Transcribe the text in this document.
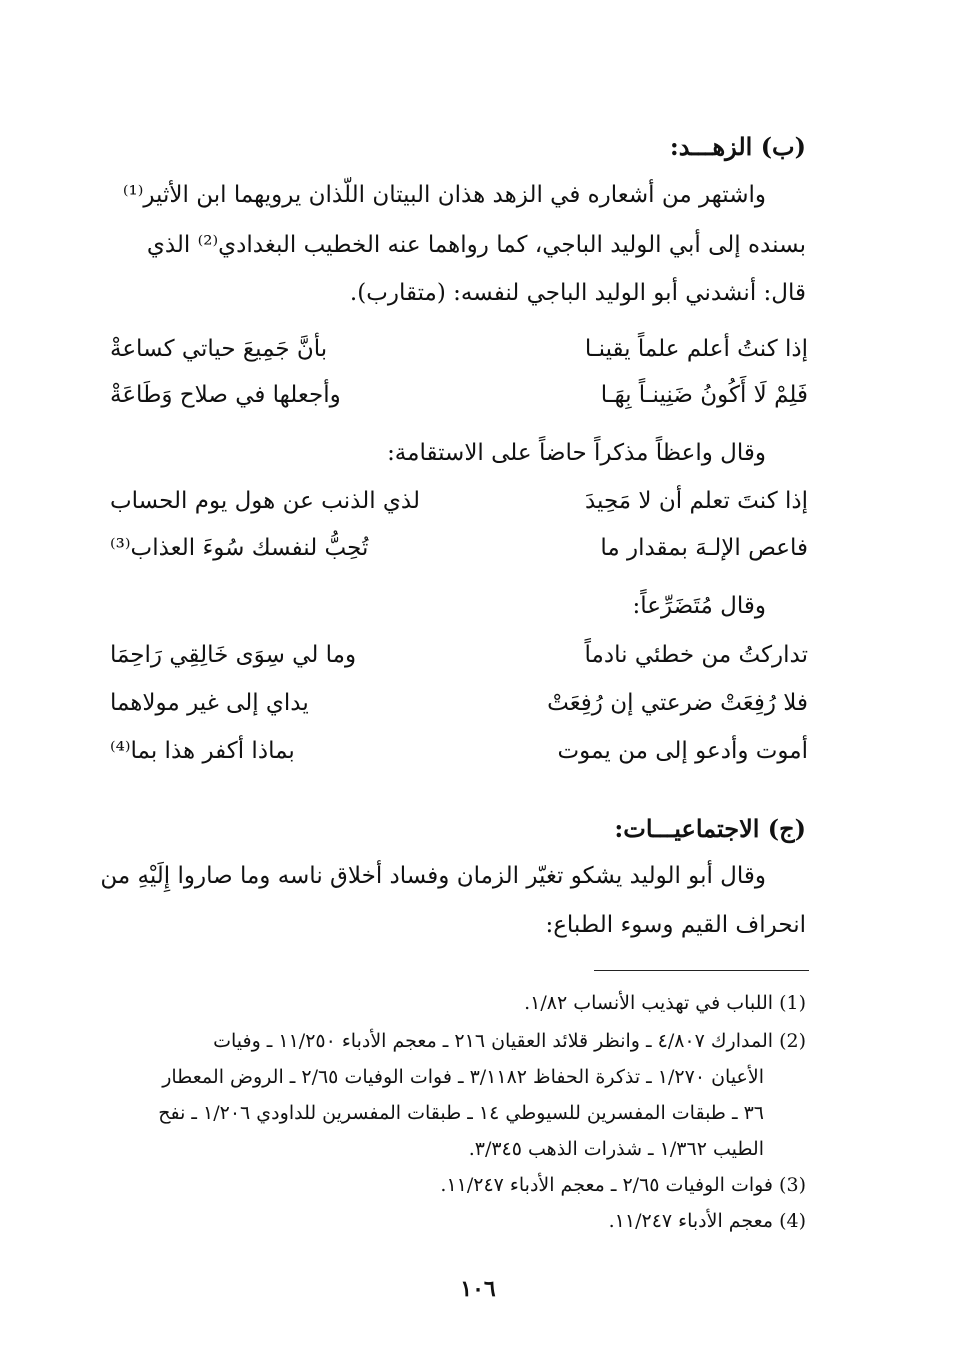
(ب) الزهـــد:
واشتهر من أشعاره في الزهد هذان البيتان اللّذان يرويهما ابن الأثير⁽¹⁾
بسنده إلى أبي الوليد الباجي، كما رواهما عنه الخطيب البغدادي⁽²⁾ الذي
قال: أنشدني أبو الوليد الباجي لنفسه: (متقارب).
إذا كنتُ أعلم علماً يقينـا
بأنَّ جَمِيعَ حياتي كساعةْ
فَلِمْ لَا أَكُونُ ضَنِينـاً بِهَـا
وأجعلها في صلاح وَطَاعَةْ
وقال واعظاً مذكراً حاضاً على الاستقامة:
إذا كنتَ تعلم أن لا مَحِيدَ
لذي الذنب عن هول يوم الحساب
فاعص الإلـهَ بمقدار ما
تُحِبُّ لنفسك سُوءَ العذاب⁽³⁾
وقال مُتَضَرِّعاً:
تداركتُ من خطئي نادماً
وما لي سِوَى خَالِقِي رَاحِمَا
فلا رُفِعَتْ ضرعتي إن رُفِعَتْ
يداي إلى غير مولاهما
أموت وأدعو إلى من يموت
بماذا أكفر هذا بما⁽⁴⁾
(ج) الاجتماعيـــات:
وقال أبو الوليد يشكو تغيّر الزمان وفساد أخلاق ناسه وما صاروا إِلَيْهِ من
انحراف القيم وسوء الطباع:
(1) اللباب في تهذيب الأنساب ١/٨٢.
(2) المدارك ٤/٨٠٧ ـ وانظر قلائد العقيان ٢١٦ ـ معجم الأدباء ١١/٢٥٠ ـ وفيات
الأعيان ١/٢٧٠ ـ تذكرة الحفاظ ٣/١١٨٢ ـ فوات الوفيات ٢/٦٥ ـ الروض المعطار
٣٦ ـ طبقات المفسرين للسيوطي ١٤ ـ طبقات المفسرين للداودي ١/٢٠٦ ـ نفح
الطيب ١/٣٦٢ ـ شذرات الذهب ٣/٣٤٥.
(3) فوات الوفيات ٢/٦٥ ـ معجم الأدباء ١١/٢٤٧.
(4) معجم الأدباء ١١/٢٤٧.
١٠٦
